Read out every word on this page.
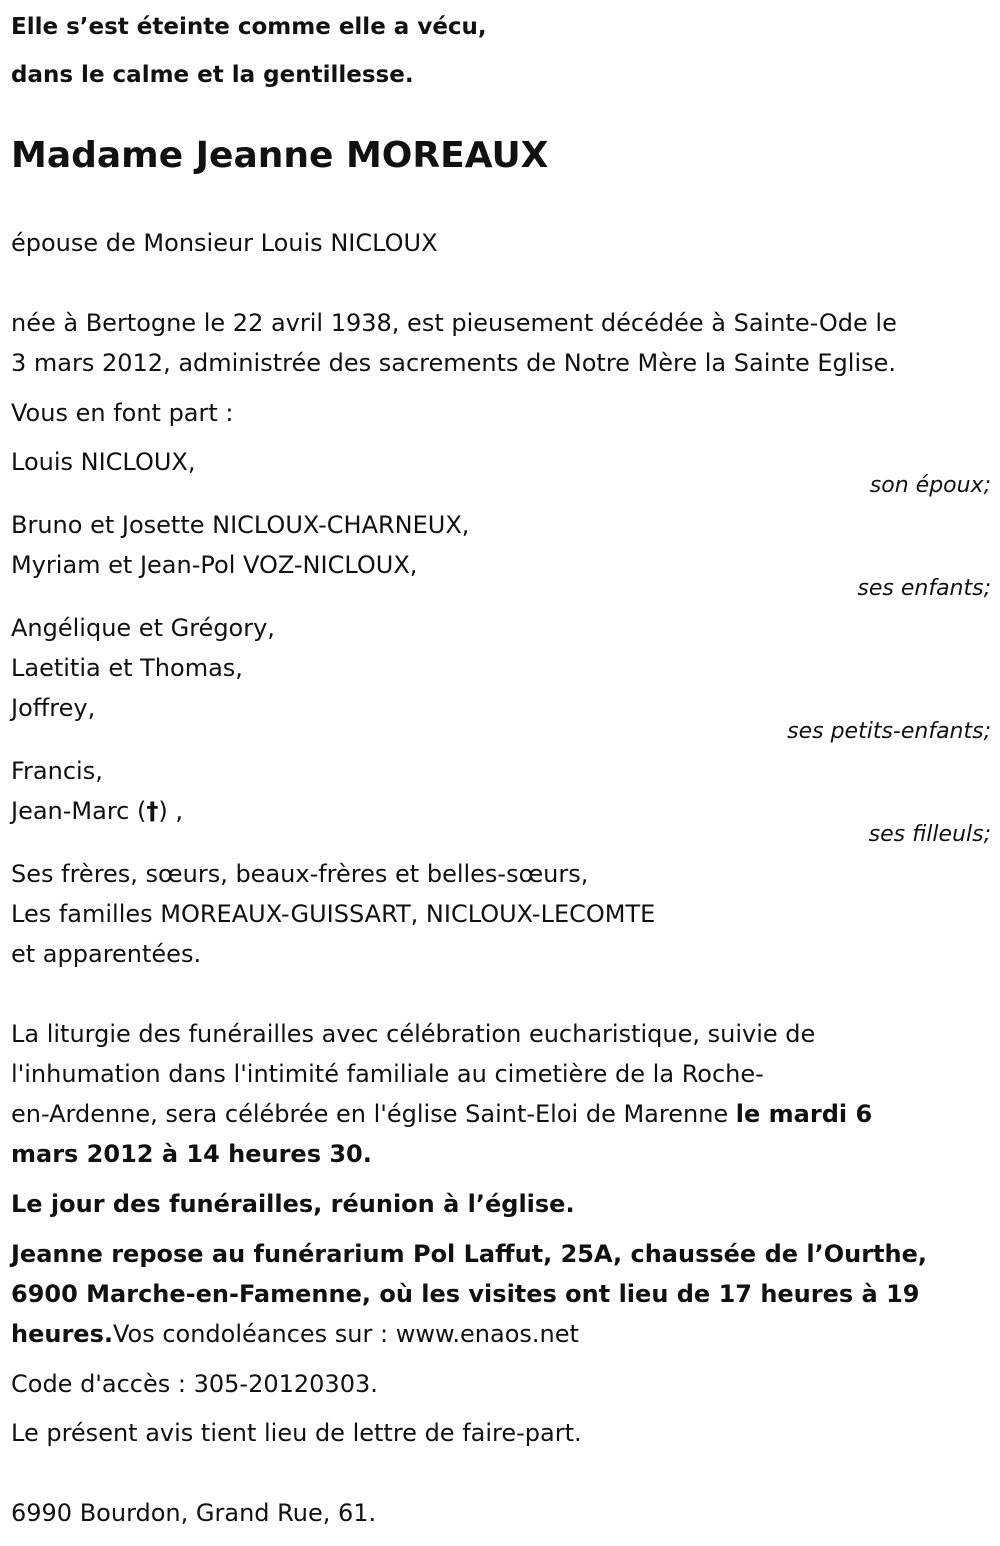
Elle s’est éteinte comme elle a vécu,
dans le calme et la gentillesse.
Madame Jeanne MOREAUX
épouse de Monsieur Louis NICLOUX
née à Bertogne le 22 avril 1938, est pieusement décédée à Sainte-Ode le
3 mars 2012, administrée des sacrements de Notre Mère la Sainte Eglise.
Vous en font part :
Louis NICLOUX,
son époux;
Bruno et Josette NICLOUX-CHARNEUX,
Myriam et Jean-Pol VOZ-NICLOUX,
ses enfants;
Angélique et Grégory,
Laetitia et Thomas,
Joffrey,
ses petits-enfants;
Francis,
Jean-Marc (†) ,
ses filleuls;
Ses frères, sœurs, beaux-frères et belles-sœurs,
Les familles MOREAUX-GUISSART, NICLOUX-LECOMTE
et apparentées.
La liturgie des funérailles avec célébration eucharistique, suivie de
l'inhumation dans l'intimité familiale au cimetière de la Roche-
en-Ardenne, sera célébrée en l'église Saint-Eloi de Marenne le mardi 6
mars 2012 à 14 heures 30.
Le jour des funérailles, réunion à l’église.
Jeanne repose au funérarium Pol Laffut, 25A, chaussée de l’Ourthe,
6900 Marche-en-Famenne, où les visites ont lieu de 17 heures à 19
heures.Vos condoléances sur : www.enaos.net
Code d'accès : 305-20120303.
Le présent avis tient lieu de lettre de faire-part.
6990 Bourdon, Grand Rue, 61.
